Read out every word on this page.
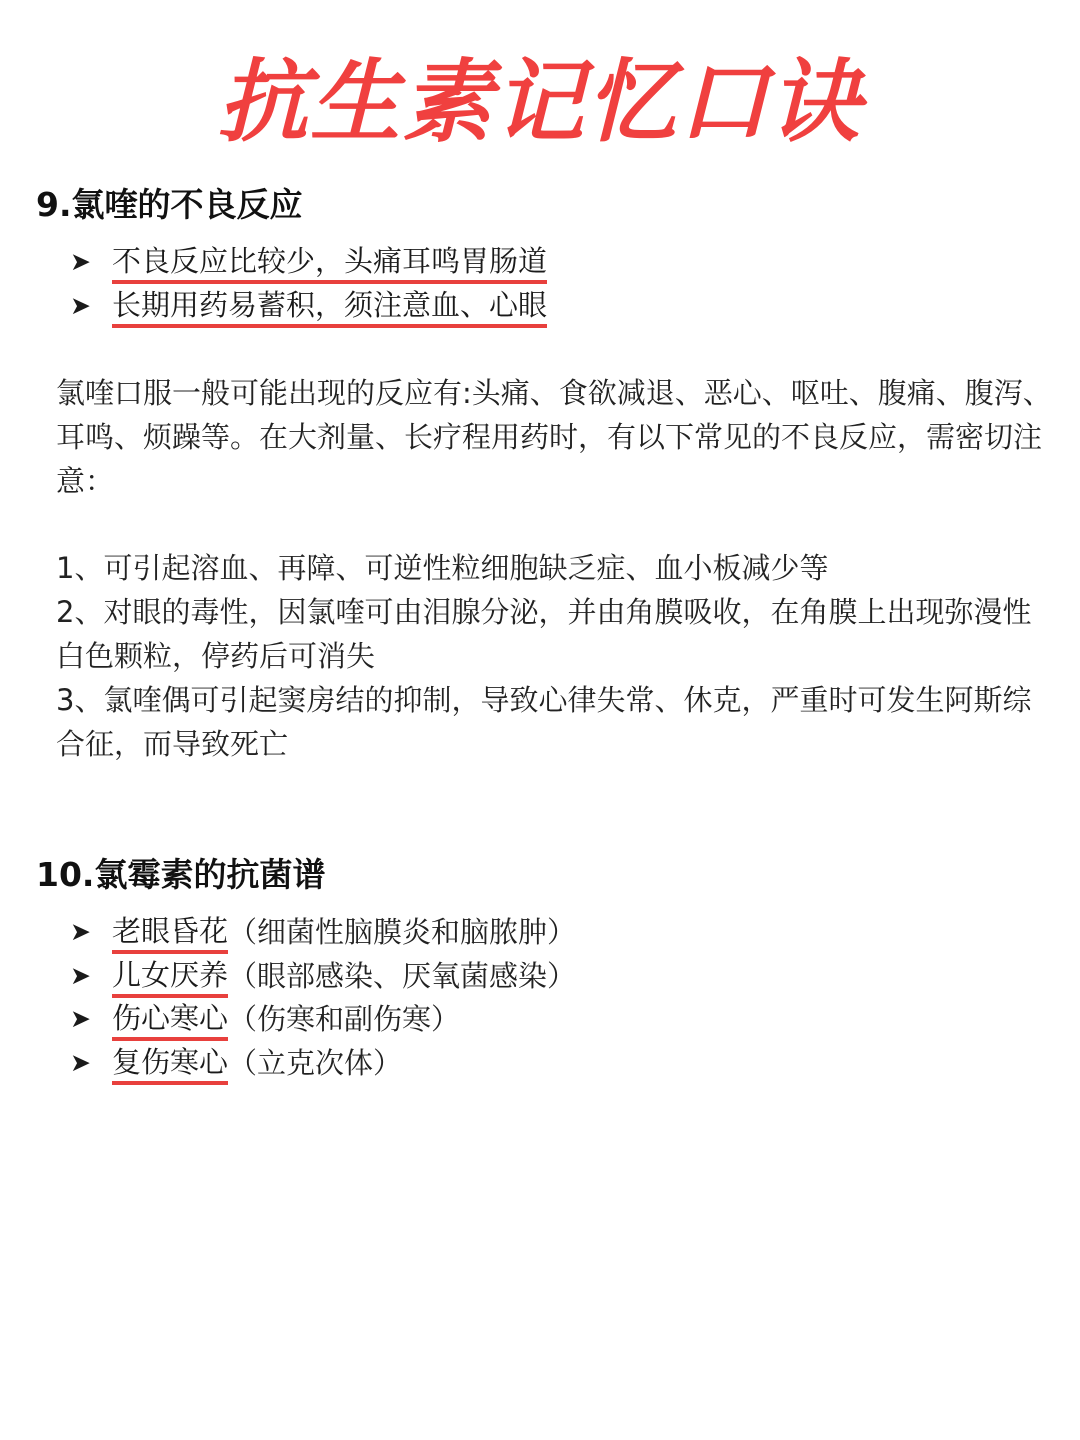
抗生素记忆口诀
9.氯喹的不良反应
➤ 不良反应比较少，头痛耳鸣胃肠道
➤ 长期用药易蓄积，须注意血、心眼

氯喹口服一般可能出现的反应有:头痛、食欲减退、恶心、呕吐、腹痛、腹泻、耳鸣、烦躁等。在大剂量、长疗程用药时，有以下常见的不良反应，需密切注意：

1、可引起溶血、再障、可逆性粒细胞缺乏症、血小板减少等
2、对眼的毒性，因氯喹可由泪腺分泌，并由角膜吸收，在角膜上出现弥漫性白色颗粒，停药后可消失
3、氯喹偶可引起窦房结的抑制，导致心律失常、休克，严重时可发生阿斯综合征，而导致死亡
10.氯霉素的抗菌谱
➤ 老眼昏花 （细菌性脑膜炎和脑脓肿）
➤ 儿女厌养 （眼部感染、厌氧菌感染）
➤ 伤心寒心 （伤寒和副伤寒）
➤ 复伤寒心 （立克次体）
